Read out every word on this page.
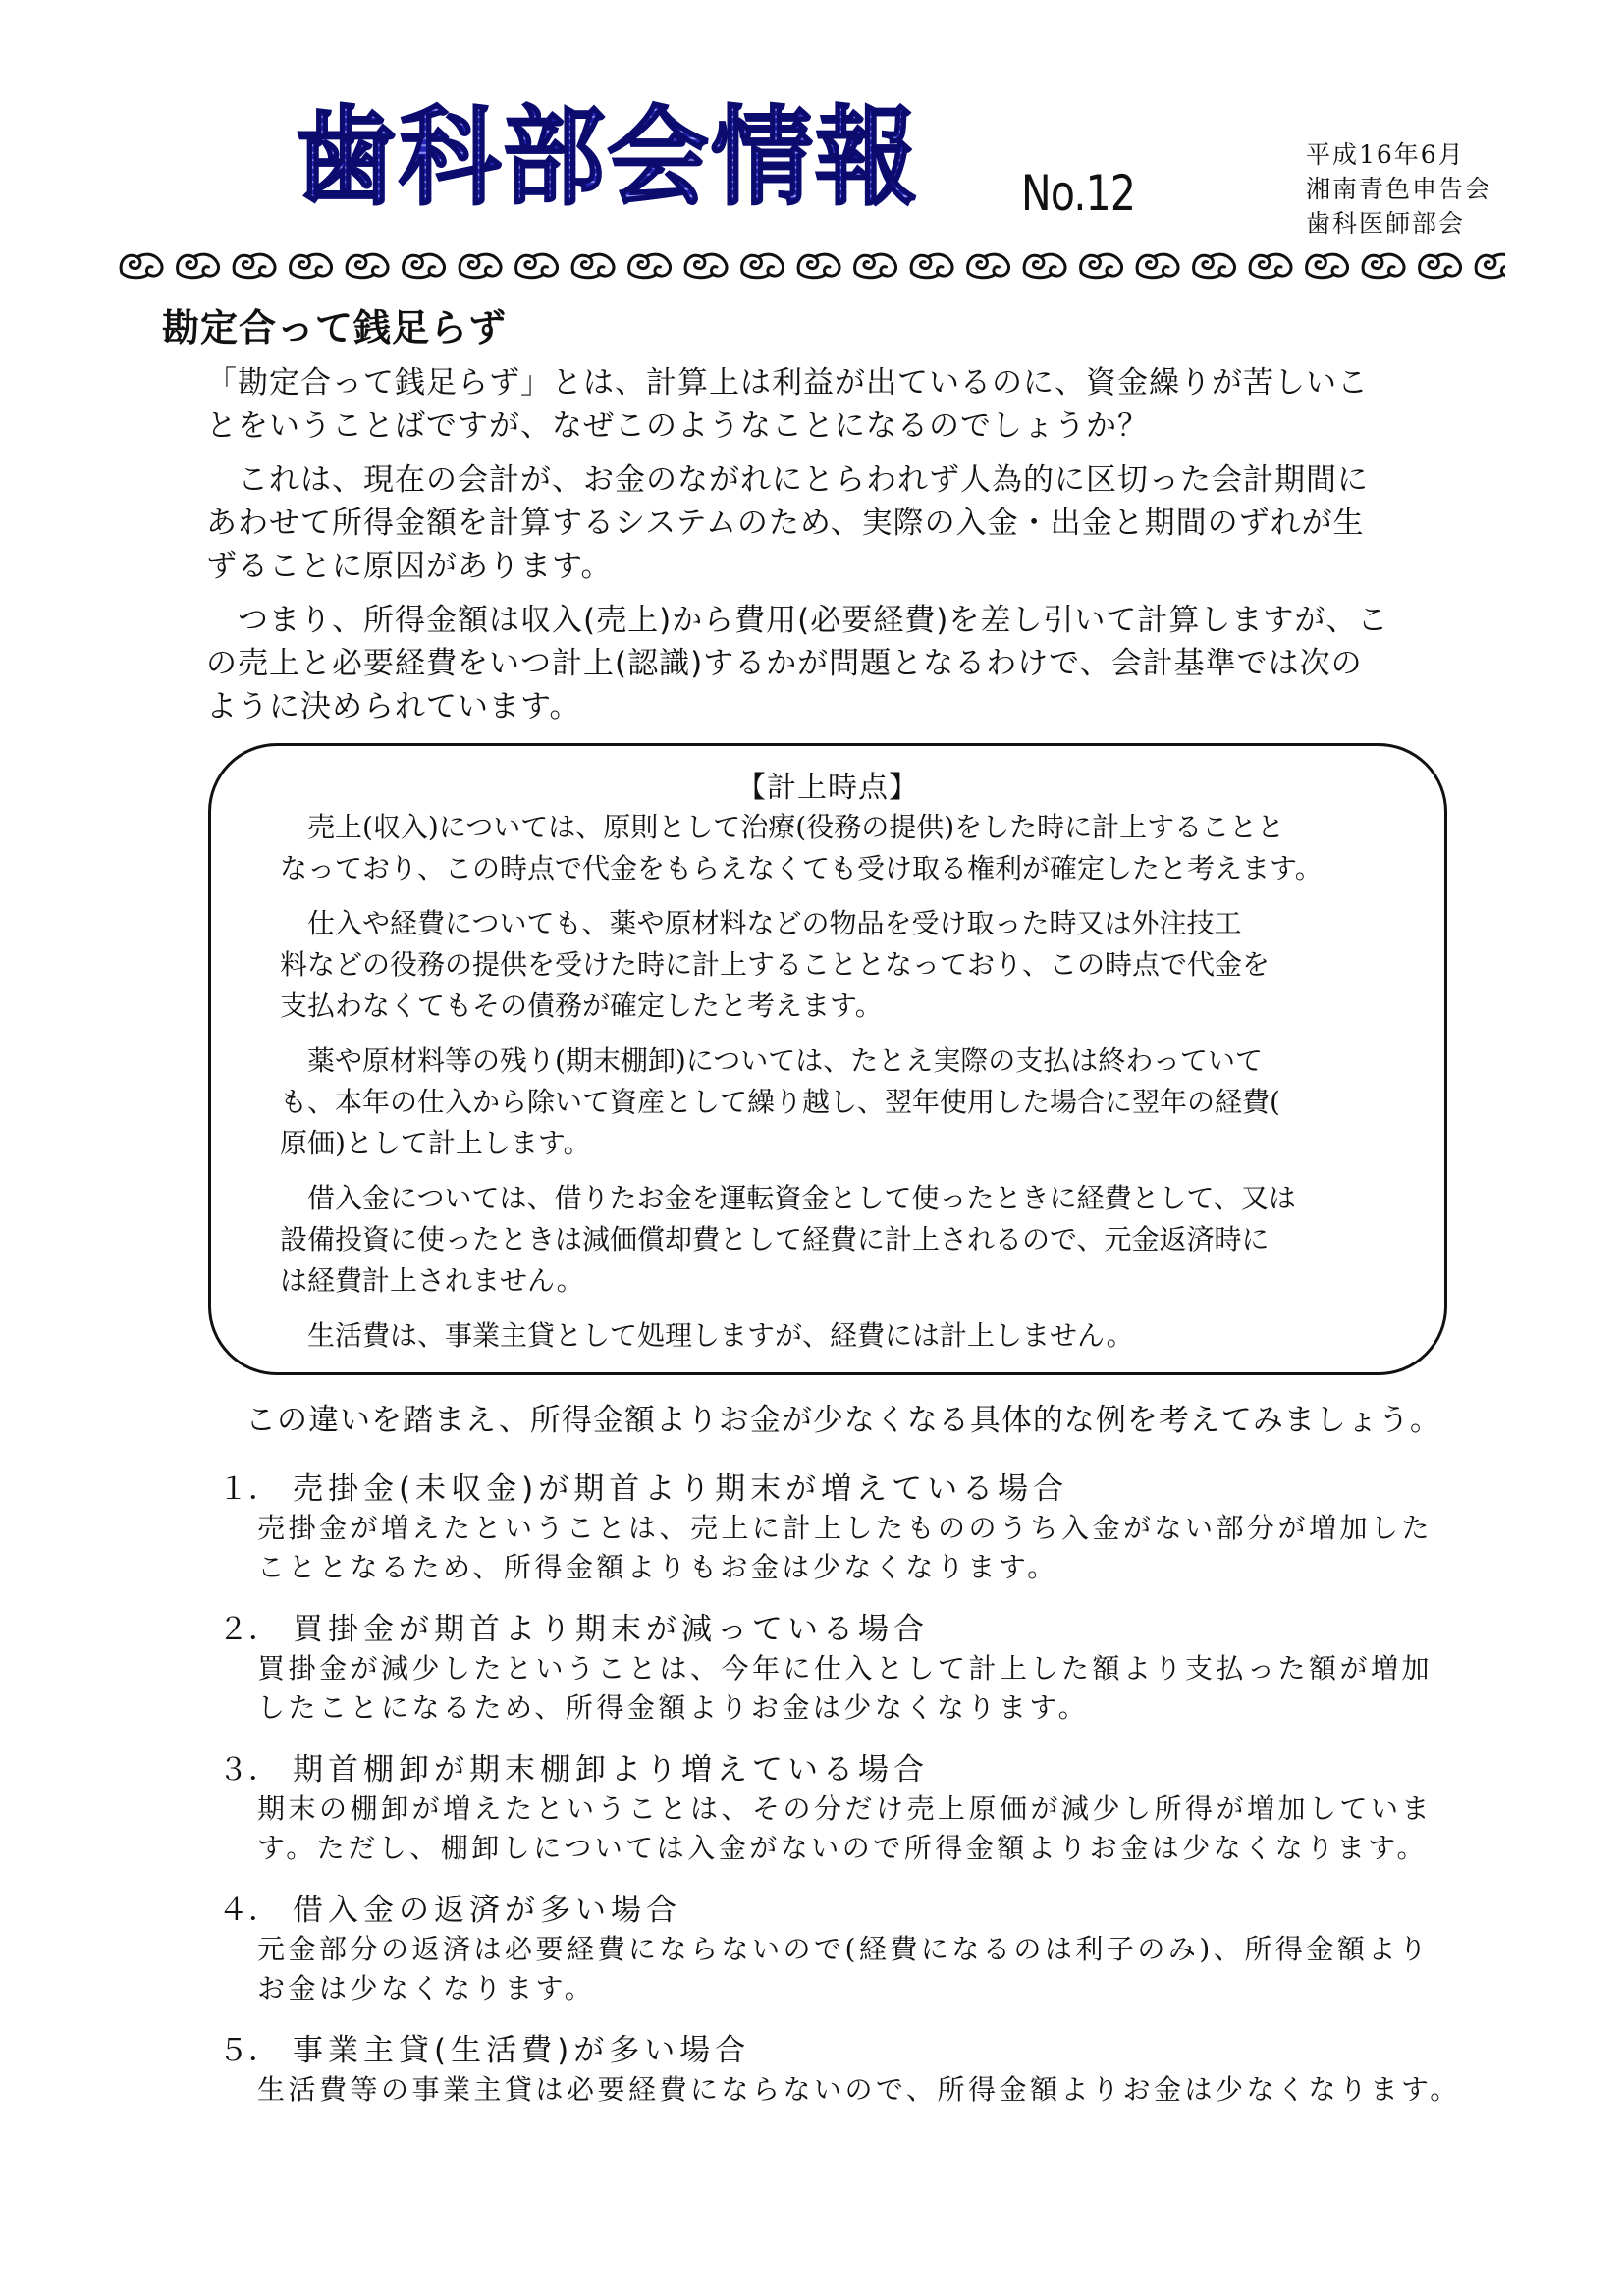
歯科部会情報 No.12
平成16年6月
湘南青色申告会
歯科医師部会
勘定合って銭足らず
「勘定合って銭足らず」とは、計算上は利益が出ているのに、資金繰りが苦しいこ
とをいうことばですが、なぜこのようなことになるのでしょうか？
　これは、現在の会計が、お金のながれにとらわれず人為的に区切った会計期間に
あわせて所得金額を計算するシステムのため、実際の入金・出金と期間のずれが生
ずることに原因があります。
　つまり、所得金額は収入(売上)から費用(必要経費)を差し引いて計算しますが、こ
の売上と必要経費をいつ計上(認識)するかが問題となるわけで、会計基準では次の
ように決められています。
【計上時点】
　売上(収入)については、原則として治療(役務の提供)をした時に計上することと
なっており、この時点で代金をもらえなくても受け取る権利が確定したと考えます。
　仕入や経費についても、薬や原材料などの物品を受け取った時又は外注技工
料などの役務の提供を受けた時に計上することとなっており、この時点で代金を
支払わなくてもその債務が確定したと考えます。
　薬や原材料等の残り(期末棚卸)については、たとえ実際の支払は終わっていて
も、本年の仕入から除いて資産として繰り越し、翌年使用した場合に翌年の経費(
原価)として計上します。
　借入金については、借りたお金を運転資金として使ったときに経費として、又は
設備投資に使ったときは減価償却費として経費に計上されるので、元金返済時に
は経費計上されません。
　生活費は、事業主貸として処理しますが、経費には計上しません。
この違いを踏まえ、所得金額よりお金が少なくなる具体的な例を考えてみましょう。
１． 売掛金(未収金)が期首より期末が増えている場合
売掛金が増えたということは、売上に計上したもののうち入金がない部分が増加した
こととなるため、所得金額よりもお金は少なくなります。
２． 買掛金が期首より期末が減っている場合
買掛金が減少したということは、今年に仕入として計上した額より支払った額が増加
したことになるため、所得金額よりお金は少なくなります。
３． 期首棚卸が期末棚卸より増えている場合
期末の棚卸が増えたということは、その分だけ売上原価が減少し所得が増加していま
す。ただし、棚卸しについては入金がないので所得金額よりお金は少なくなります。
４． 借入金の返済が多い場合
元金部分の返済は必要経費にならないので(経費になるのは利子のみ)、所得金額より
お金は少なくなります。
５． 事業主貸(生活費)が多い場合
生活費等の事業主貸は必要経費にならないので、所得金額よりお金は少なくなります。
